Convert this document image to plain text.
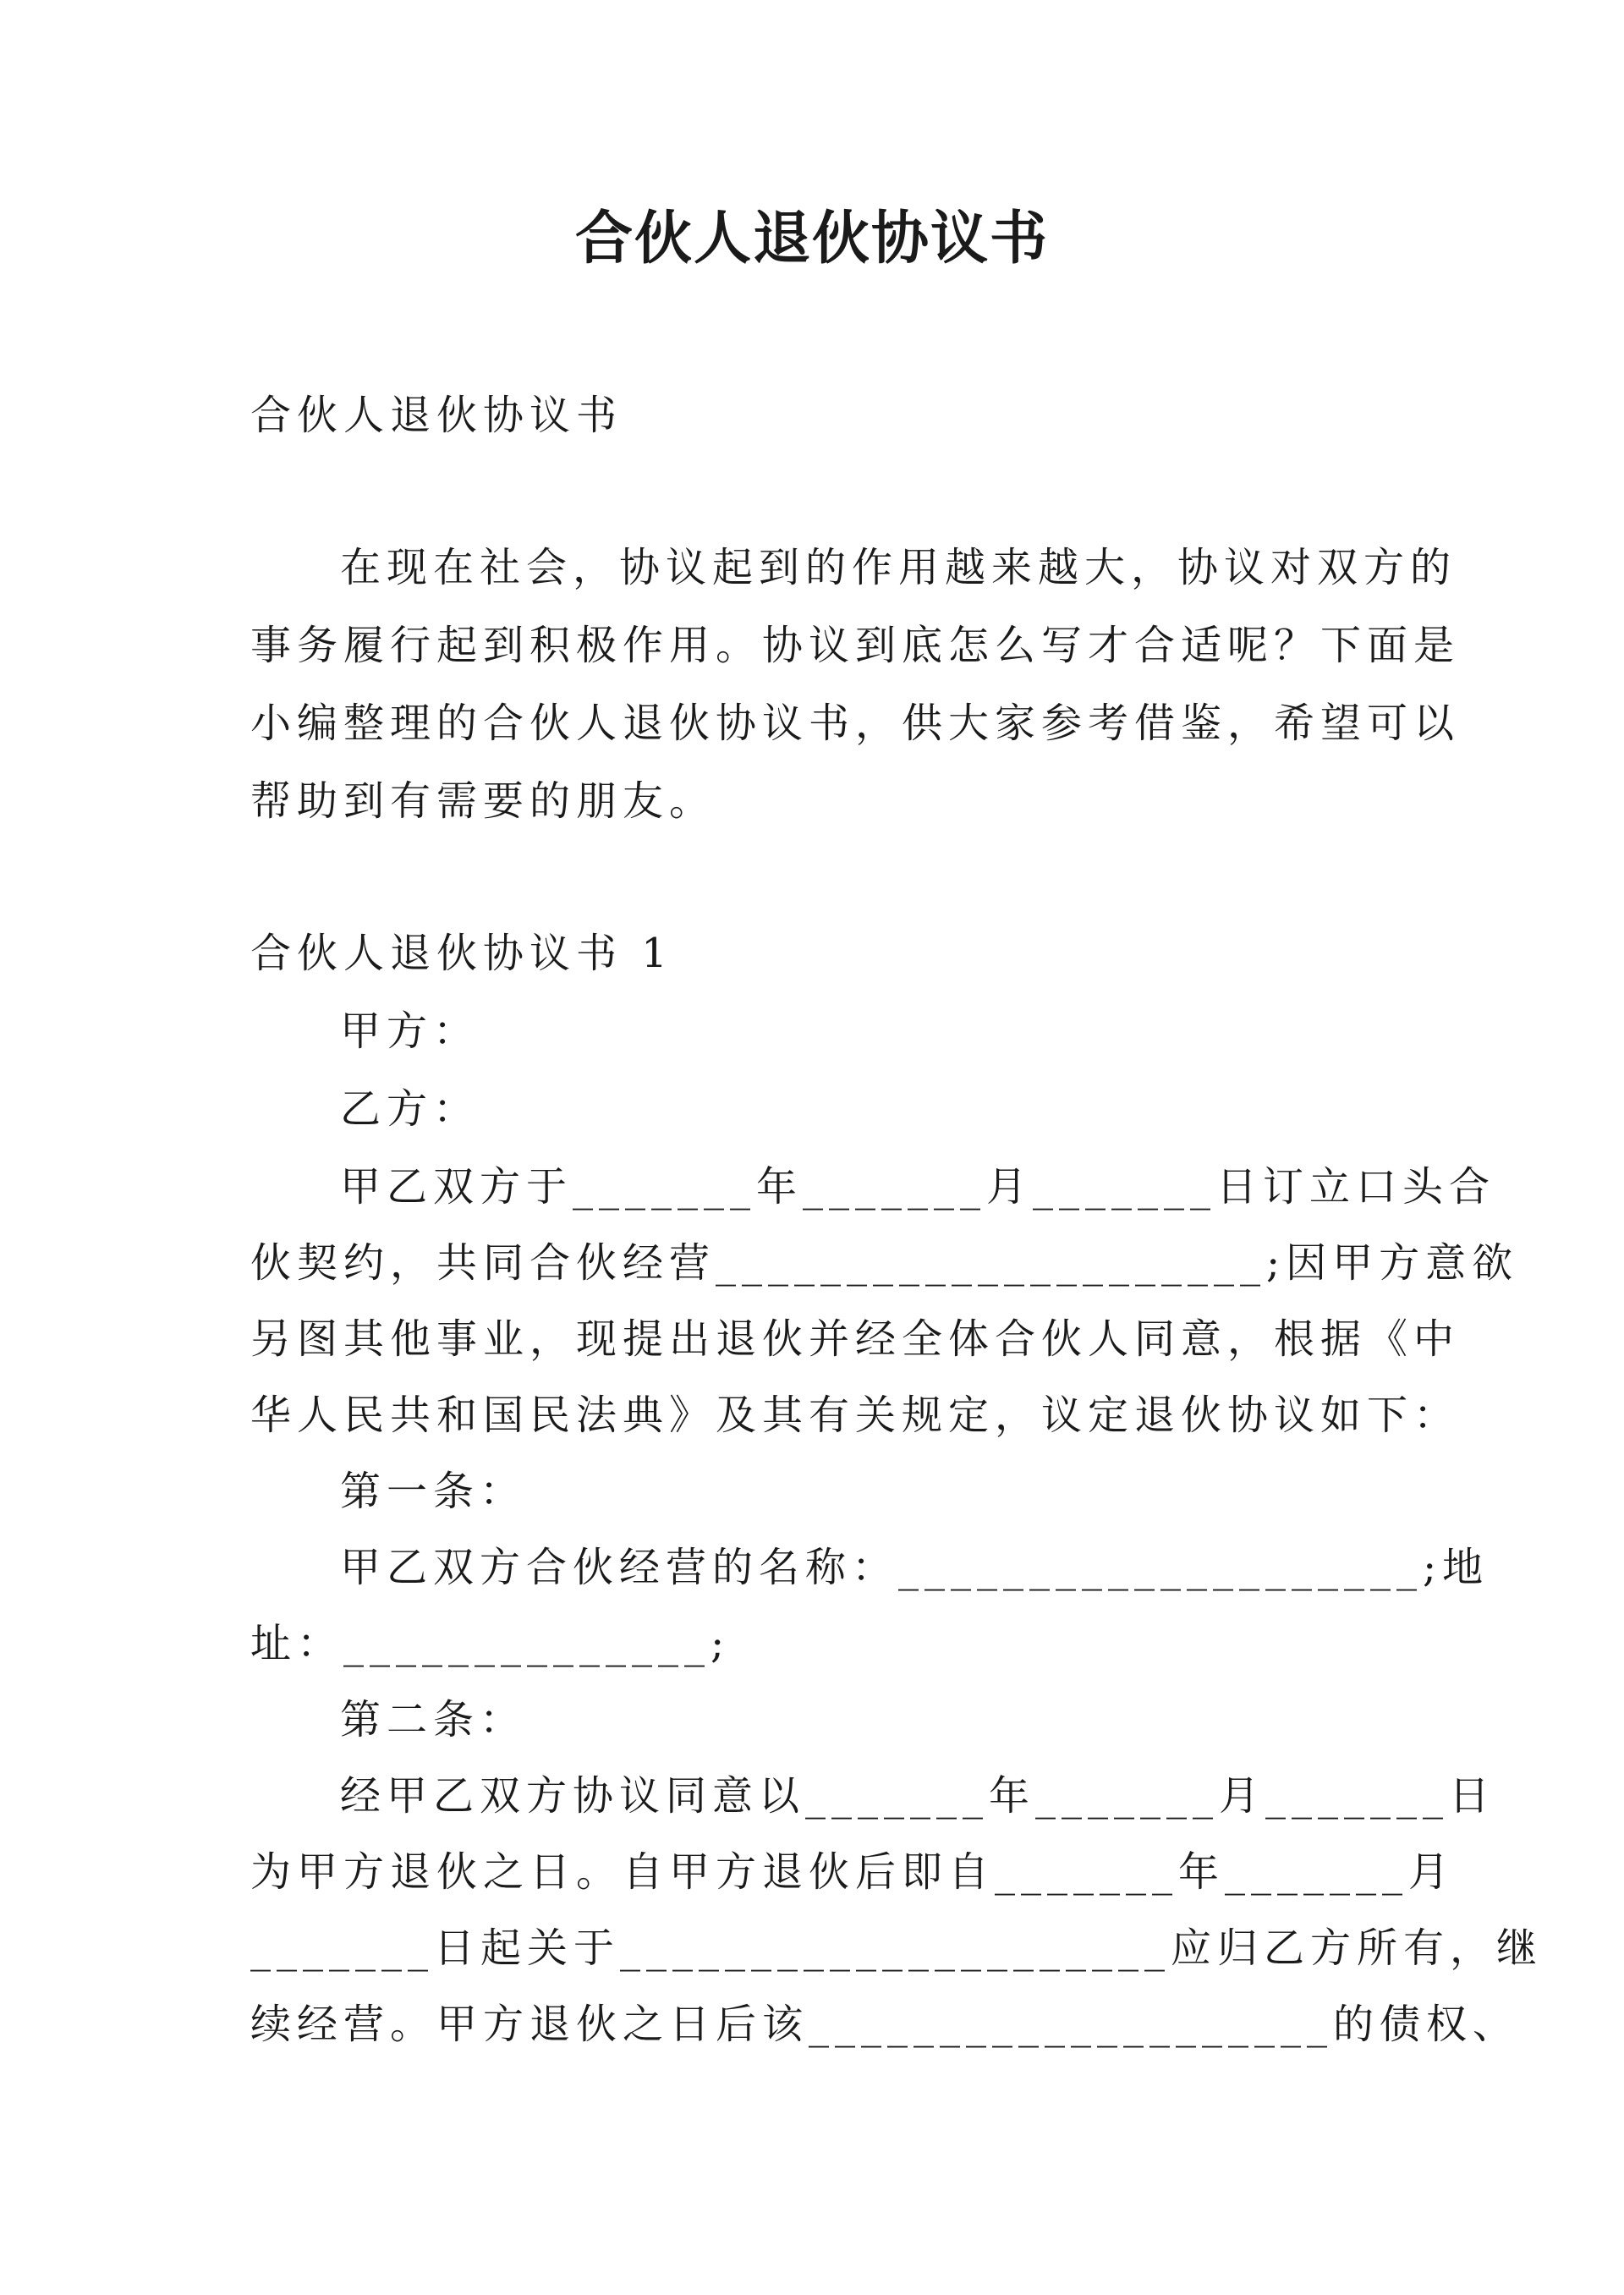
合伙人退伙协议书
合伙人退伙协议书
在现在社会，协议起到的作用越来越大，协议对双方的
事务履行起到积极作用。协议到底怎么写才合适呢？下面是
小编整理的合伙人退伙协议书，供大家参考借鉴，希望可以
帮助到有需要的朋友。
合伙人退伙协议书 1
甲方：
乙方：
甲乙双方于_______年_______月_______日订立口头合
伙契约，共同合伙经营_____________________;因甲方意欲
另图其他事业，现提出退伙并经全体合伙人同意，根据《中
华人民共和国民法典》及其有关规定，议定退伙协议如下：
第一条：
甲乙双方合伙经营的名称：____________________;地
址：______________;
第二条：
经甲乙双方协议同意以_______年_______月_______日
为甲方退伙之日。自甲方退伙后即自_______年_______月
_______日起关于_____________________应归乙方所有，继
续经营。甲方退伙之日后该____________________的债权、
